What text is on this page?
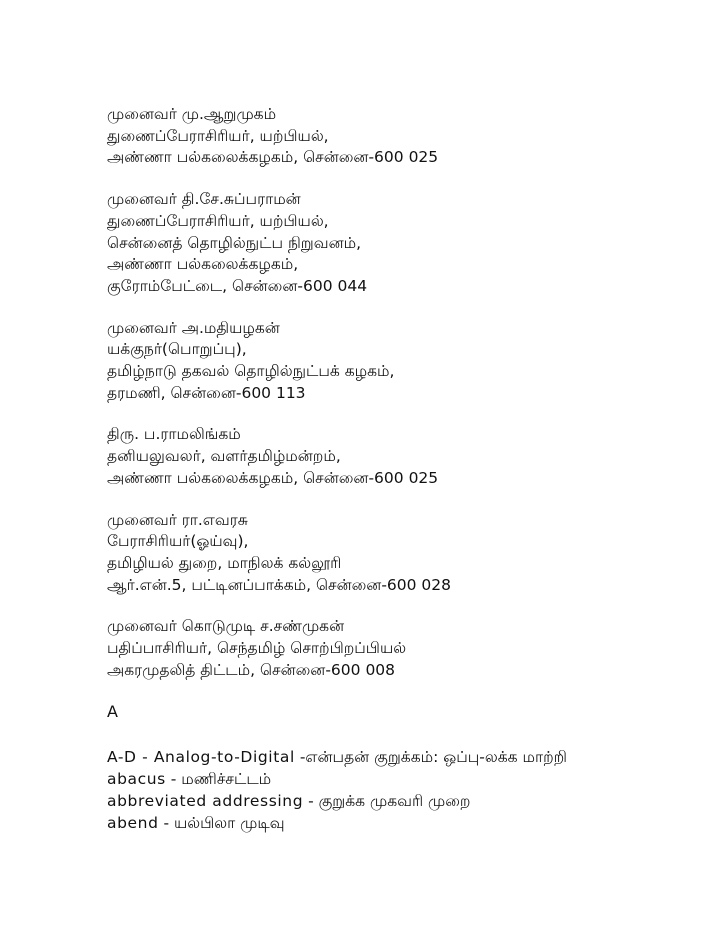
முனைவர் மு.ஆறுமுகம்
துணைப்பேராசிரியர், யற்பியல்,
அண்ணா பல்கலைக்கழகம், சென்னை-600 025
முனைவர் தி.சே.சுப்பராமன்
துணைப்பேராசிரியர், யற்பியல்,
சென்னைத் தொழில்நுட்ப நிறுவனம்,
அண்ணா பல்கலைக்கழகம்,
குரோம்பேட்டை, சென்னை-600 044
முனைவர் அ.மதியழகன்
யக்குநர்(பொறுப்பு),
தமிழ்நாடு தகவல் தொழில்நுட்பக் கழகம்,
தரமணி, சென்னை-600 113
திரு. ப.ராமலிங்கம்
தனியலுவலர், வளர்தமிழ்மன்றம்,
அண்ணா பல்கலைக்கழகம், சென்னை-600 025
முனைவர் ரா.எவரசு
பேராசிரியர்(ஓய்வு),
தமிழியல் துறை, மாநிலக் கல்லூரி
ஆர்.என்.5, பட்டினப்பாக்கம், சென்னை-600 028
முனைவர் கொடுமுடி ச.சண்முகன்
பதிப்பாசிரியர், செந்தமிழ் சொற்பிறப்பியல்
அகரமுதலித் திட்டம், சென்னை-600 008
A
A-D - Analog-to-Digital -என்பதன் குறுக்கம்: ஒப்பு-லக்க மாற்றி
abacus - மணிச்சட்டம்
abbreviated addressing - குறுக்க முகவரி முறை
abend - யல்பிலா முடிவு
